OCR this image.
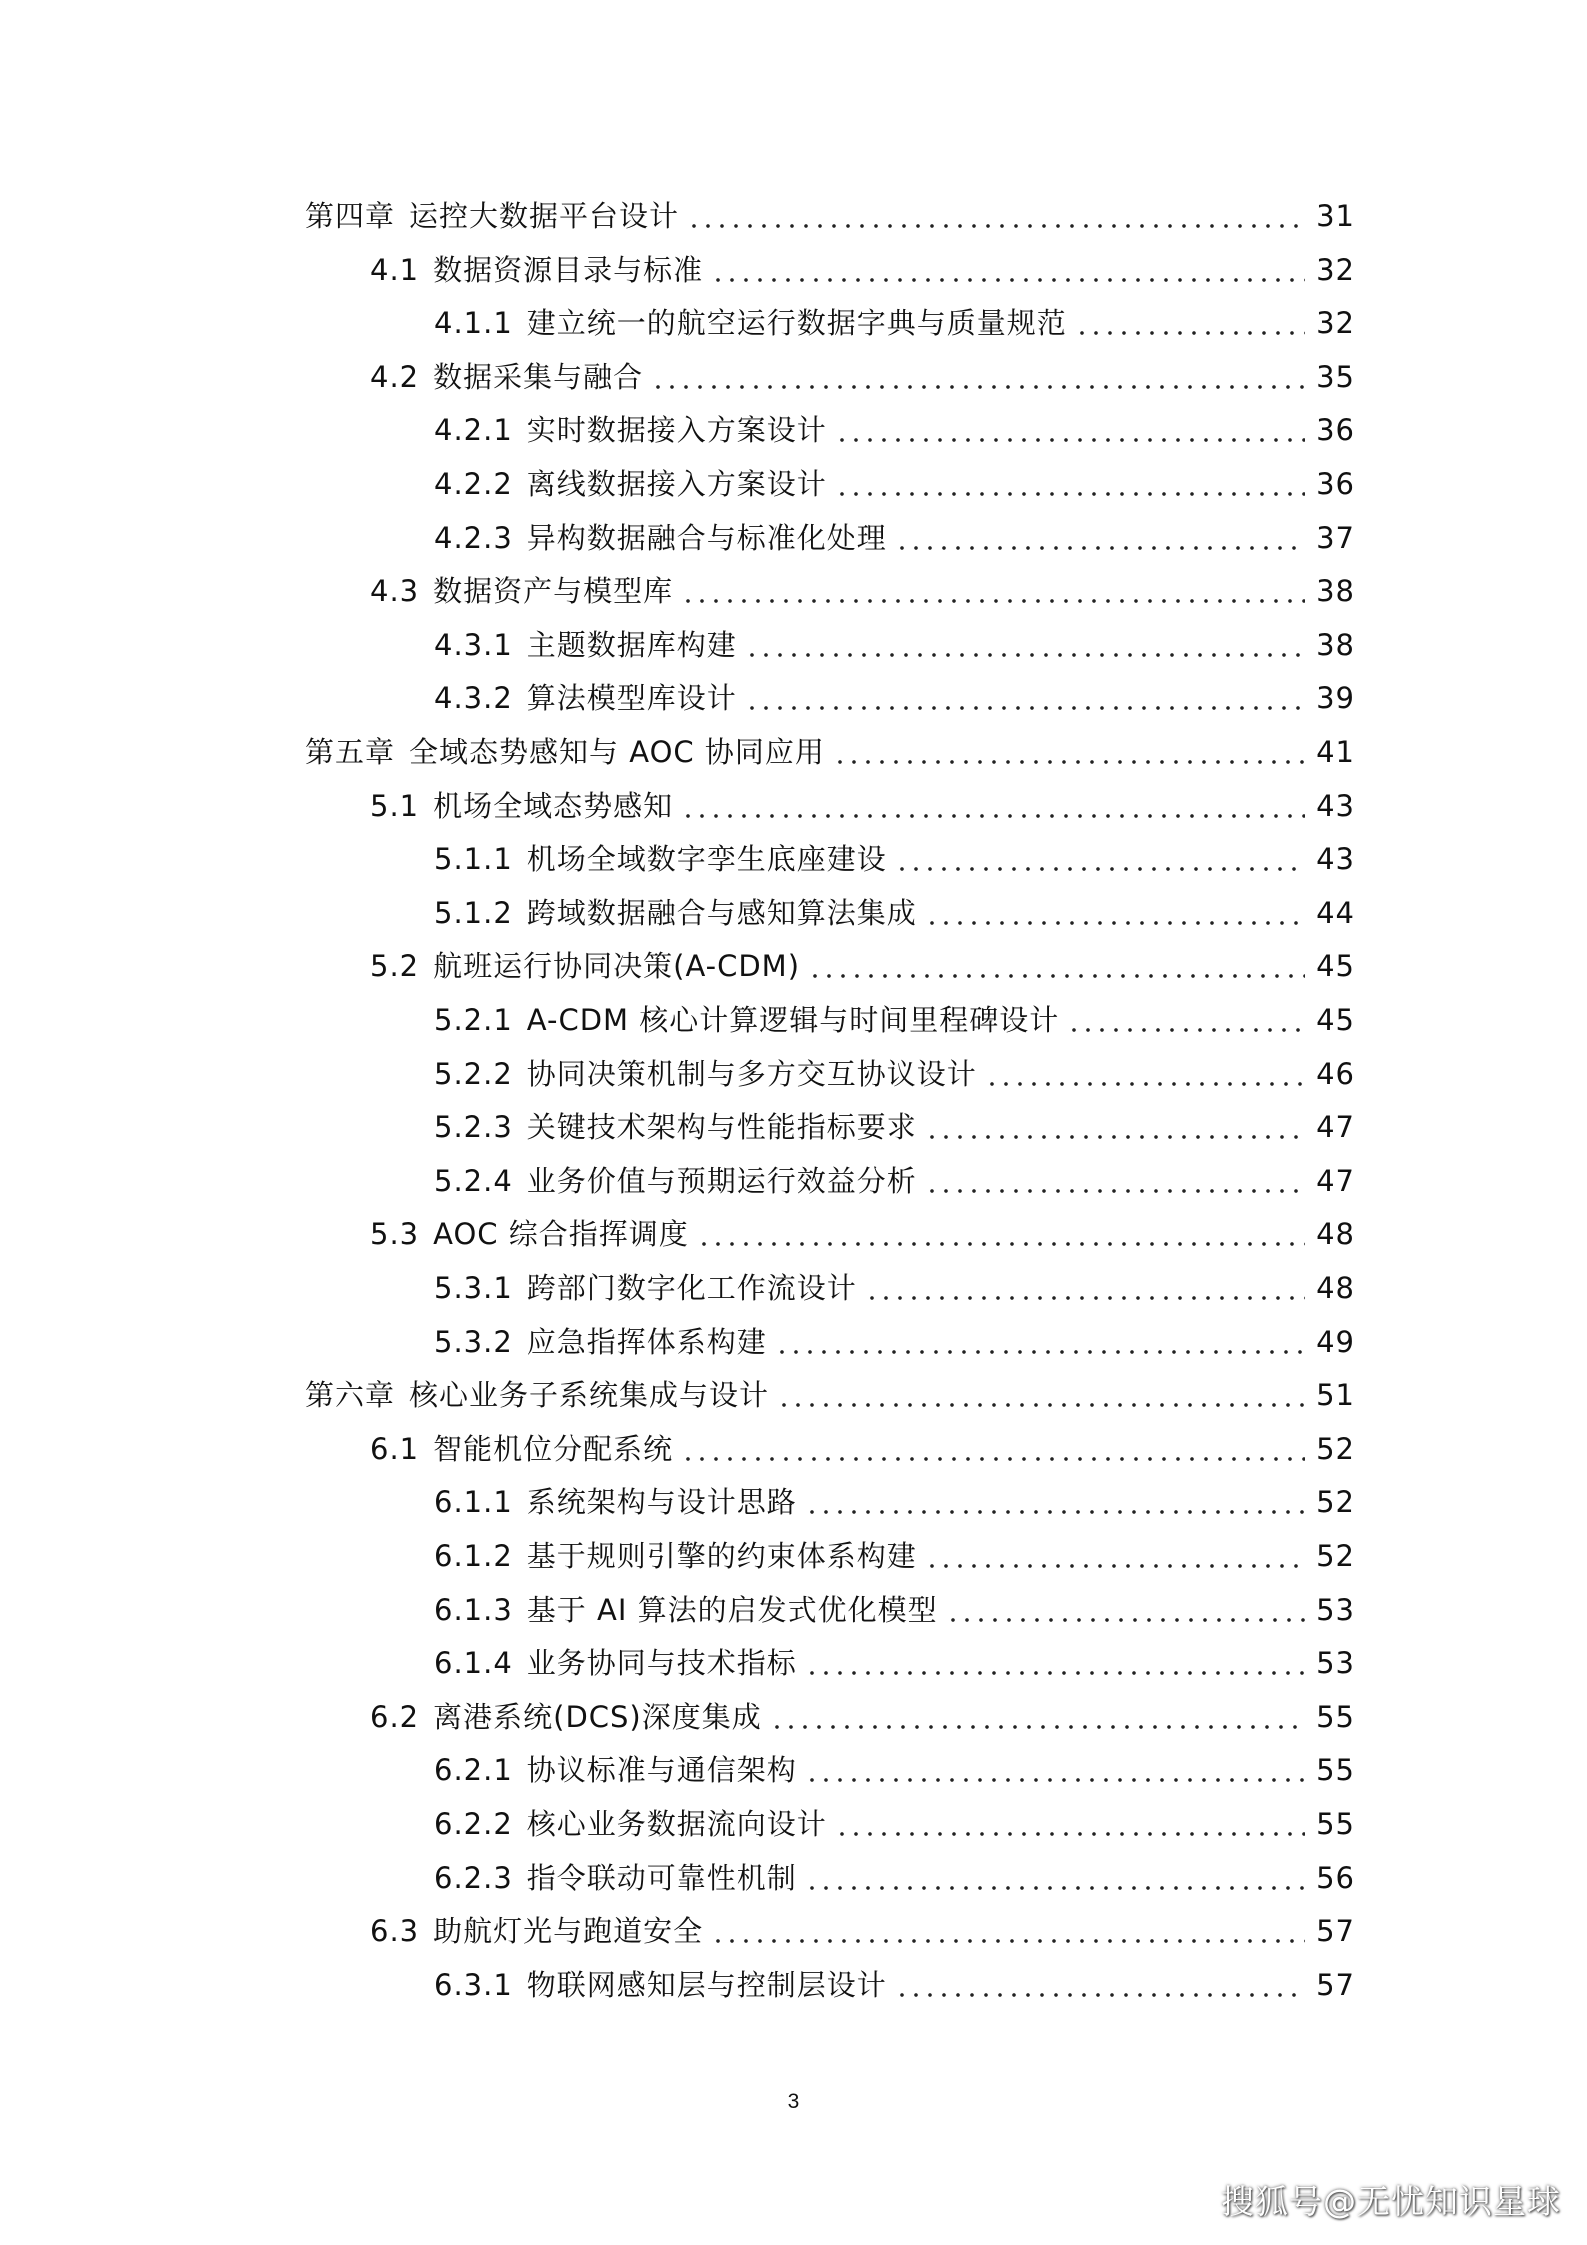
第四章 运控大数据平台设计	31
4.1 数据资源目录与标准	32
4.1.1 建立统一的航空运行数据字典与质量规范	32
4.2 数据采集与融合	35
4.2.1 实时数据接入方案设计	36
4.2.2 离线数据接入方案设计	36
4.2.3 异构数据融合与标准化处理	37
4.3 数据资产与模型库	38
4.3.1 主题数据库构建	38
4.3.2 算法模型库设计	39
第五章 全域态势感知与 AOC 协同应用	41
5.1 机场全域态势感知	43
5.1.1 机场全域数字孪生底座建设	43
5.1.2 跨域数据融合与感知算法集成	44
5.2 航班运行协同决策(A-CDM)	45
5.2.1 A-CDM 核心计算逻辑与时间里程碑设计	45
5.2.2 协同决策机制与多方交互协议设计	46
5.2.3 关键技术架构与性能指标要求	47
5.2.4 业务价值与预期运行效益分析	47
5.3 AOC 综合指挥调度	48
5.3.1 跨部门数字化工作流设计	48
5.3.2 应急指挥体系构建	49
第六章 核心业务子系统集成与设计	51
6.1 智能机位分配系统	52
6.1.1 系统架构与设计思路	52
6.1.2 基于规则引擎的约束体系构建	52
6.1.3 基于 AI 算法的启发式优化模型	53
6.1.4 业务协同与技术指标	53
6.2 离港系统(DCS)深度集成	55
6.2.1 协议标准与通信架构	55
6.2.2 核心业务数据流向设计	55
6.2.3 指令联动可靠性机制	56
6.3 助航灯光与跑道安全	57
6.3.1 物联网感知层与控制层设计	57
3
搜狐号@无忧知识星球
